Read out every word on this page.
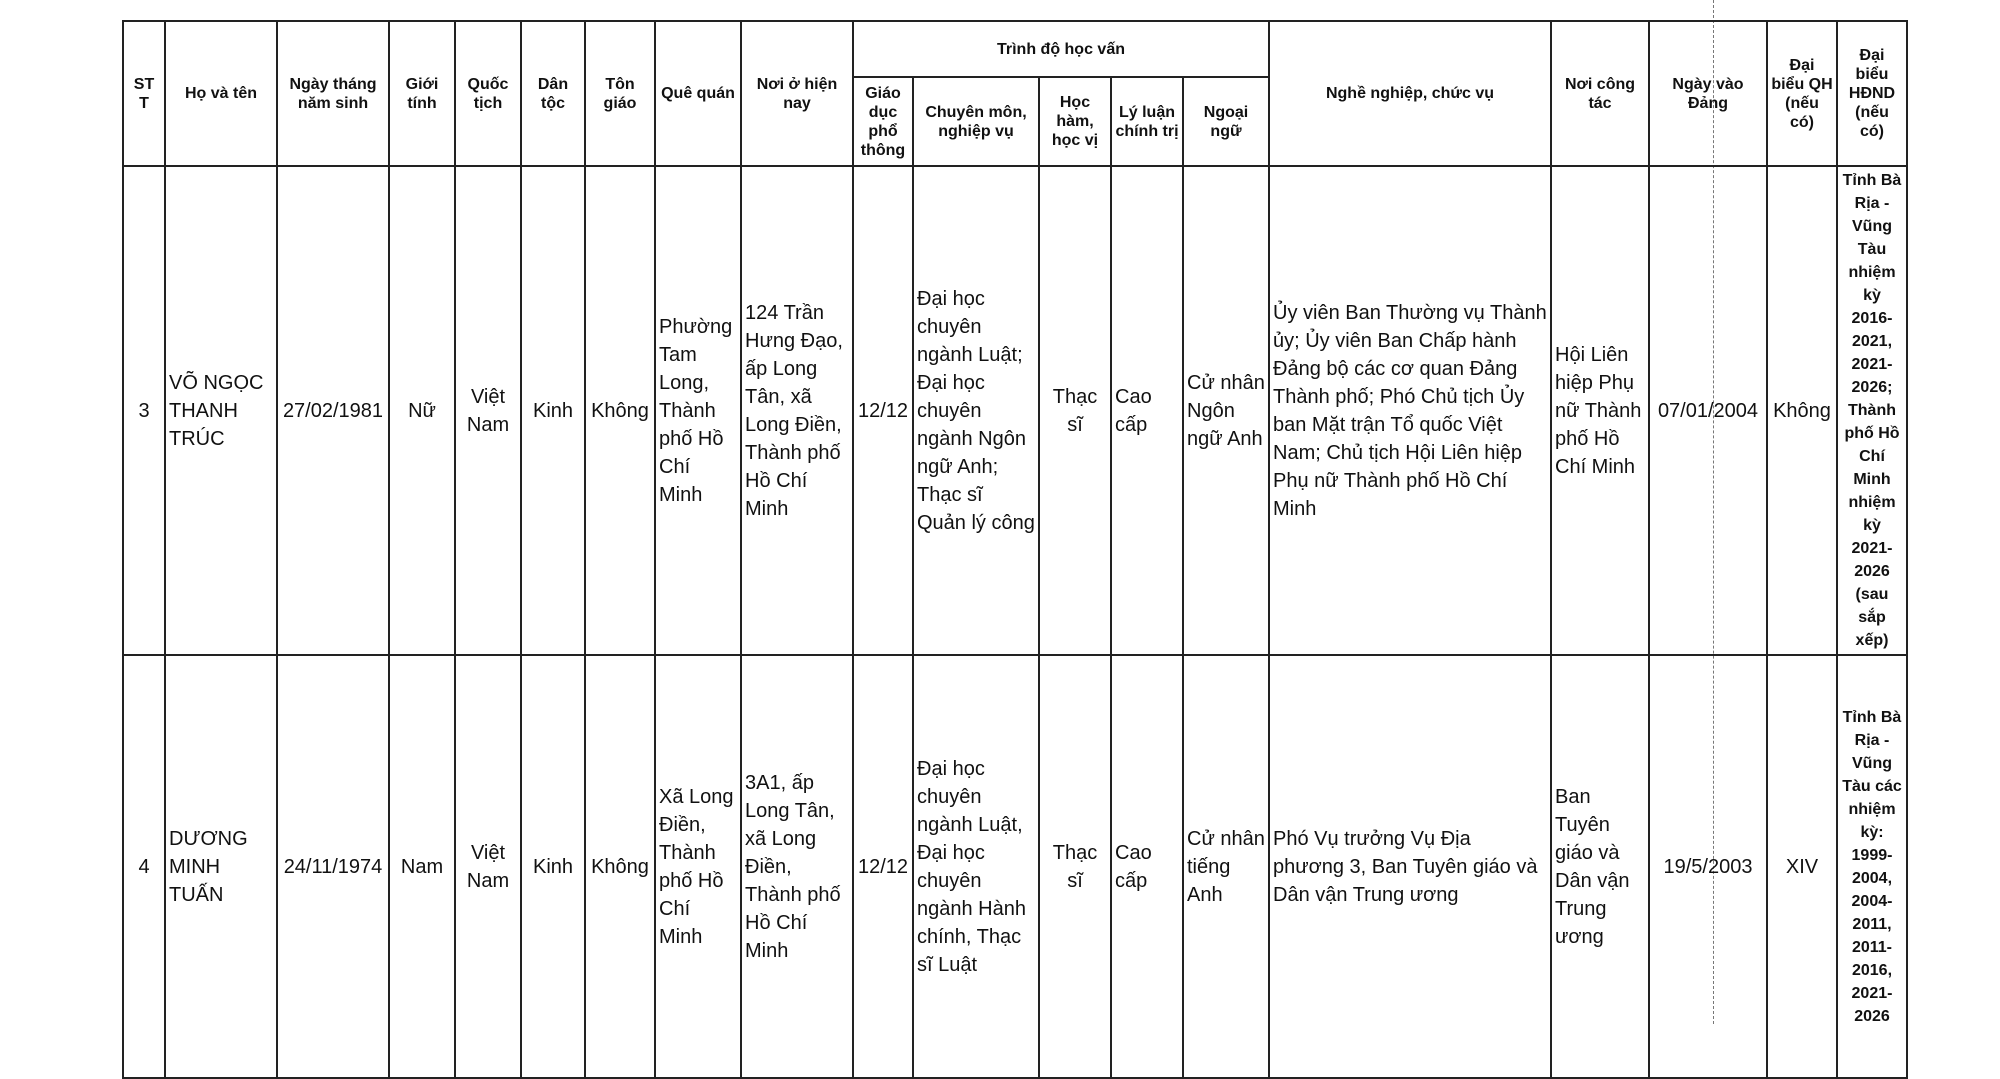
ST T	Họ và tên	Ngày tháng năm sinh	Giới tính	Quốc tịch	Dân tộc	Tôn giáo	Quê quán	Nơi ở hiện nay	Trình độ học vấn					Nghề nghiệp, chức vụ	Nơi công tác	Ngày vào Đảng	Đại biểu QH (nếu có)	Đại biểu HĐND (nếu có)
									Giáo dục phổ thông	Chuyên môn, nghiệp vụ	Học hàm, học vị	Lý luận chính trị	Ngoại ngữ					
3	VÕ NGỌC THANH TRÚC	27/02/1981	Nữ	Việt Nam	Kinh	Không	Phường Tam Long, Thành phố Hồ Chí Minh	124 Trần Hưng Đạo, ấp Long Tân, xã Long Điền, Thành phố Hồ Chí Minh	12/12	Đại học chuyên ngành Luật; Đại học chuyên ngành Ngôn ngữ Anh; Thạc sĩ Quản lý công	Thạc sĩ	Cao cấp	Cử nhân Ngôn ngữ Anh	Ủy viên Ban Thường vụ Thành ủy; Ủy viên Ban Chấp hành Đảng bộ các cơ quan Đảng Thành phố; Phó Chủ tịch Ủy ban Mặt trận Tổ quốc Việt Nam; Chủ tịch Hội Liên hiệp Phụ nữ Thành phố Hồ Chí Minh	Hội Liên hiệp Phụ nữ Thành phố Hồ Chí Minh	07/01/2004	Không	Tỉnh Bà Rịa - Vũng Tàu nhiệm kỳ 2016-2021, 2021-2026; Thành phố Hồ Chí Minh nhiệm kỳ 2021-2026 (sau sắp xếp)
4	DƯƠNG MINH TUẤN	24/11/1974	Nam	Việt Nam	Kinh	Không	Xã Long Điền, Thành phố Hồ Chí Minh	3A1, ấp Long Tân, xã Long Điền, Thành phố Hồ Chí Minh	12/12	Đại học chuyên ngành Luật, Đại học chuyên ngành Hành chính, Thạc sĩ Luật	Thạc sĩ	Cao cấp	Cử nhân tiếng Anh	Phó Vụ trưởng Vụ Địa phương 3, Ban Tuyên giáo và Dân vận Trung ương	Ban Tuyên giáo và Dân vận Trung ương	19/5/2003	XIV	Tỉnh Bà Rịa - Vũng Tàu các nhiệm kỳ: 1999-2004, 2004-2011, 2011-2016, 2021-2026
